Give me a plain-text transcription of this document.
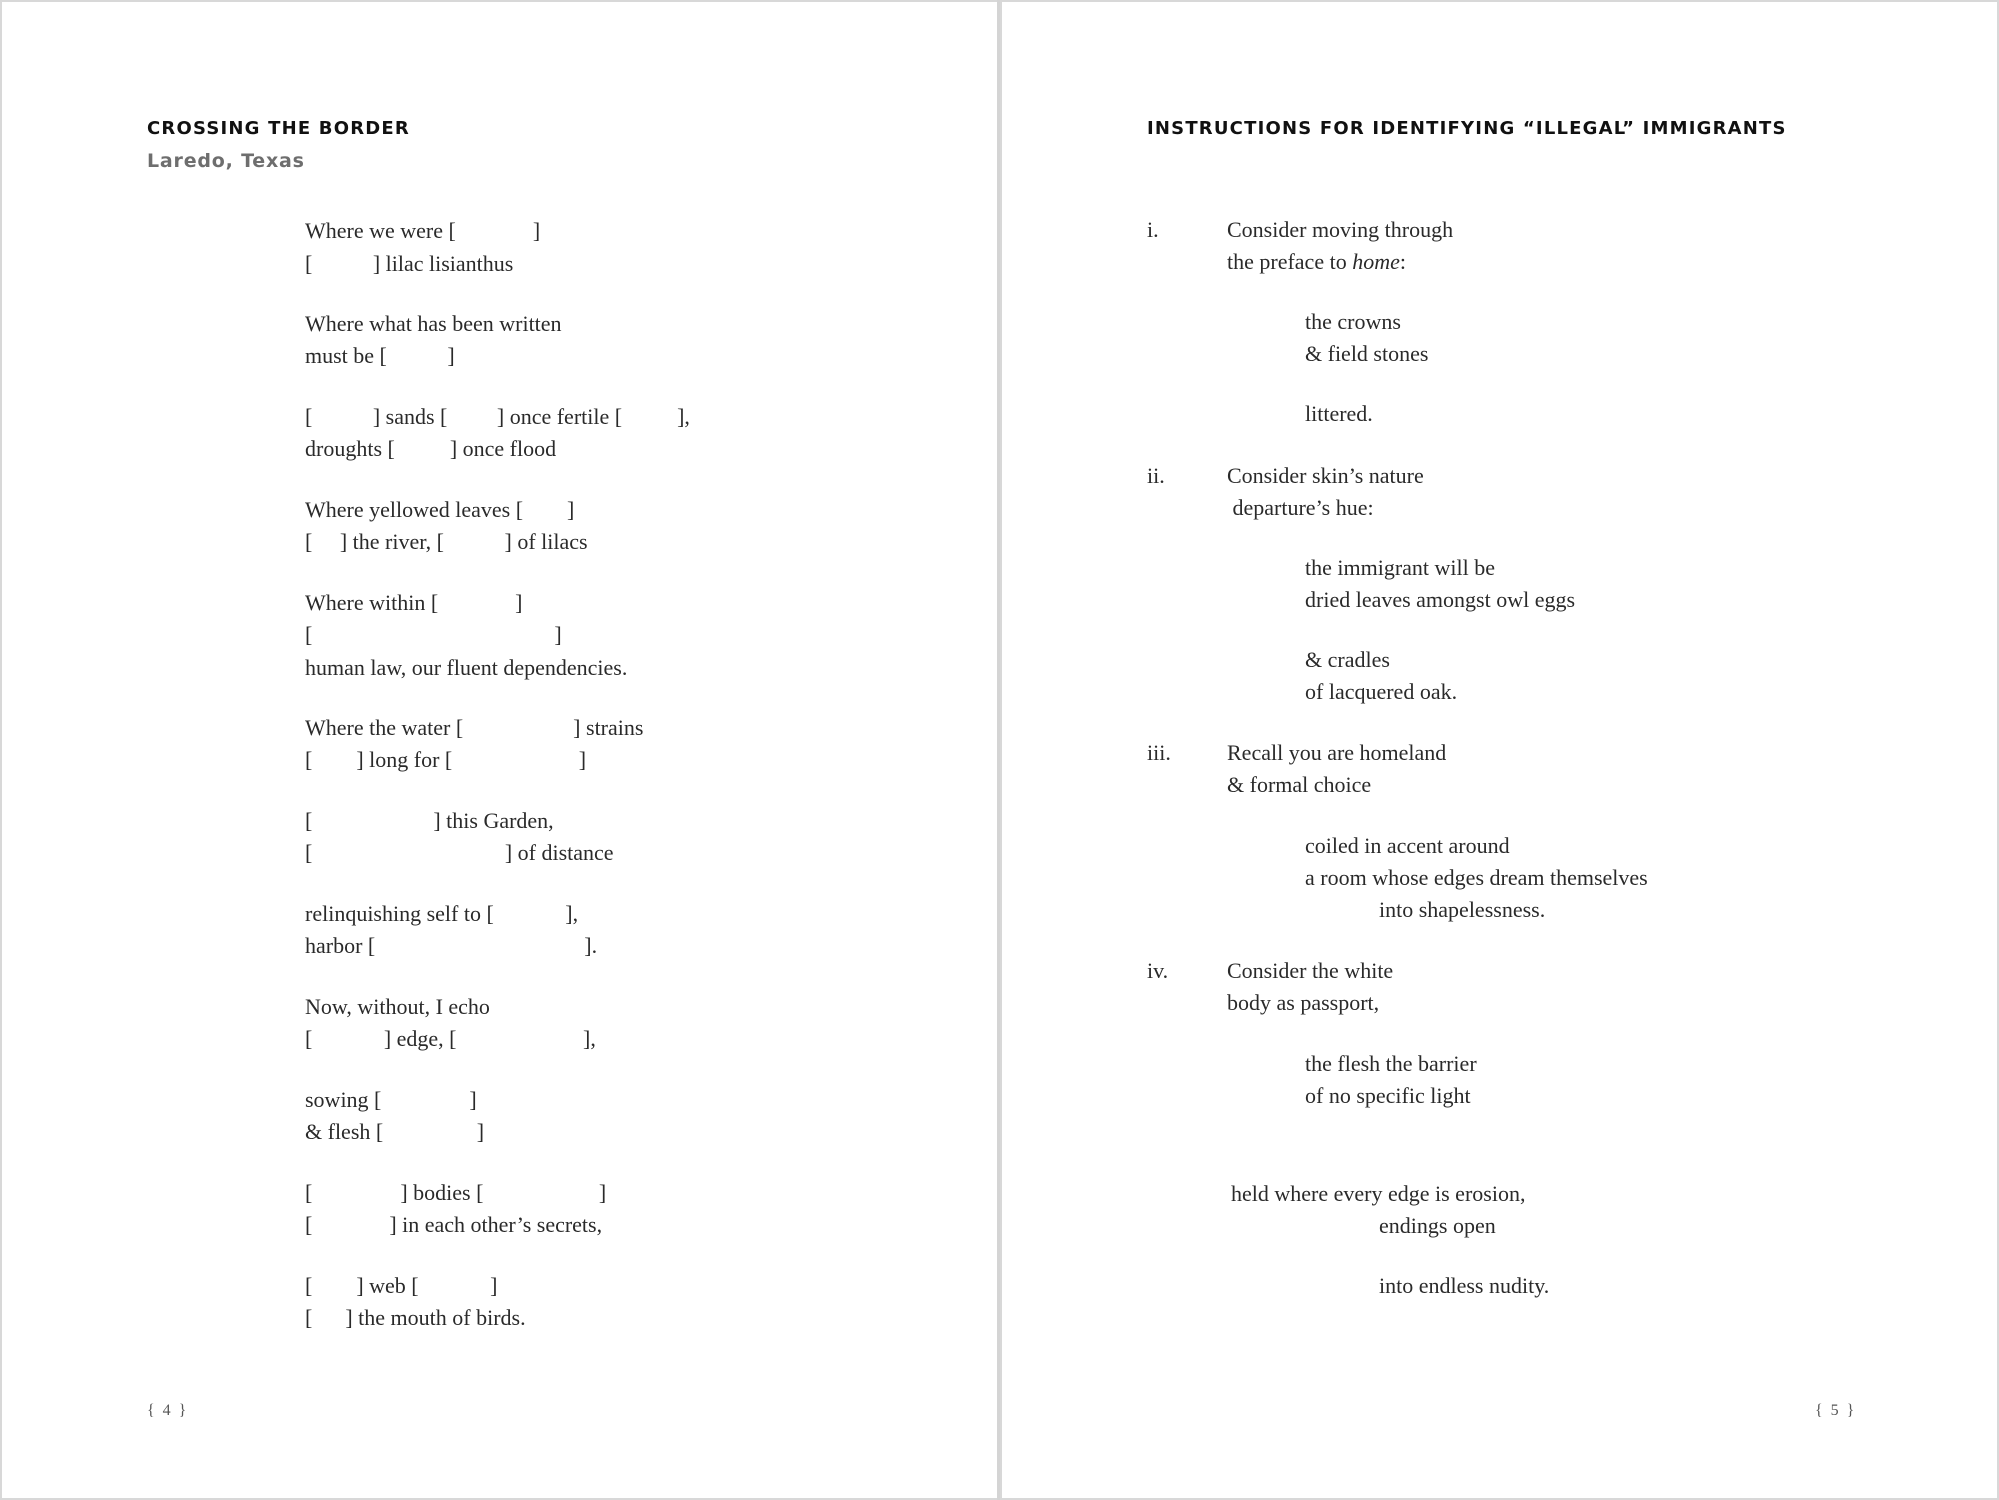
CROSSING THE BORDER
Laredo, Texas
Where we were [              ]
[           ] lilac lisianthus
Where what has been written
must be [           ]
[           ] sands [         ] once fertile [          ],
droughts [          ] once flood
Where yellowed leaves [        ]
[     ] the river, [           ] of lilacs
Where within [              ]
[                                            ]
human law, our fluent dependencies.
Where the water [                    ] strains
[        ] long for [                       ]
[                      ] this Garden,
[                                   ] of distance
relinquishing self to [             ],
harbor [                                      ].
Now, without, I echo
[             ] edge, [                       ],
sowing [                ]
& flesh [                 ]
[                ] bodies [                     ]
[              ] in each other’s secrets,
[        ] web [             ]
[      ] the mouth of birds.
{ 4 }
INSTRUCTIONS FOR IDENTIFYING “ILLEGAL” IMMIGRANTS
i.	Consider moving through
the preface to home:
the crowns
& field stones
littered.
ii.	Consider skin’s nature
departure’s hue:
the immigrant will be
dried leaves amongst owl eggs
& cradles
of lacquered oak.
iii.	Recall you are homeland
& formal choice
coiled in accent around
a room whose edges dream themselves
into shapelessness.
iv.	Consider the white
body as passport,
the flesh the barrier
of no specific light
held where every edge is erosion,
endings open
into endless nudity.
{ 5 }
